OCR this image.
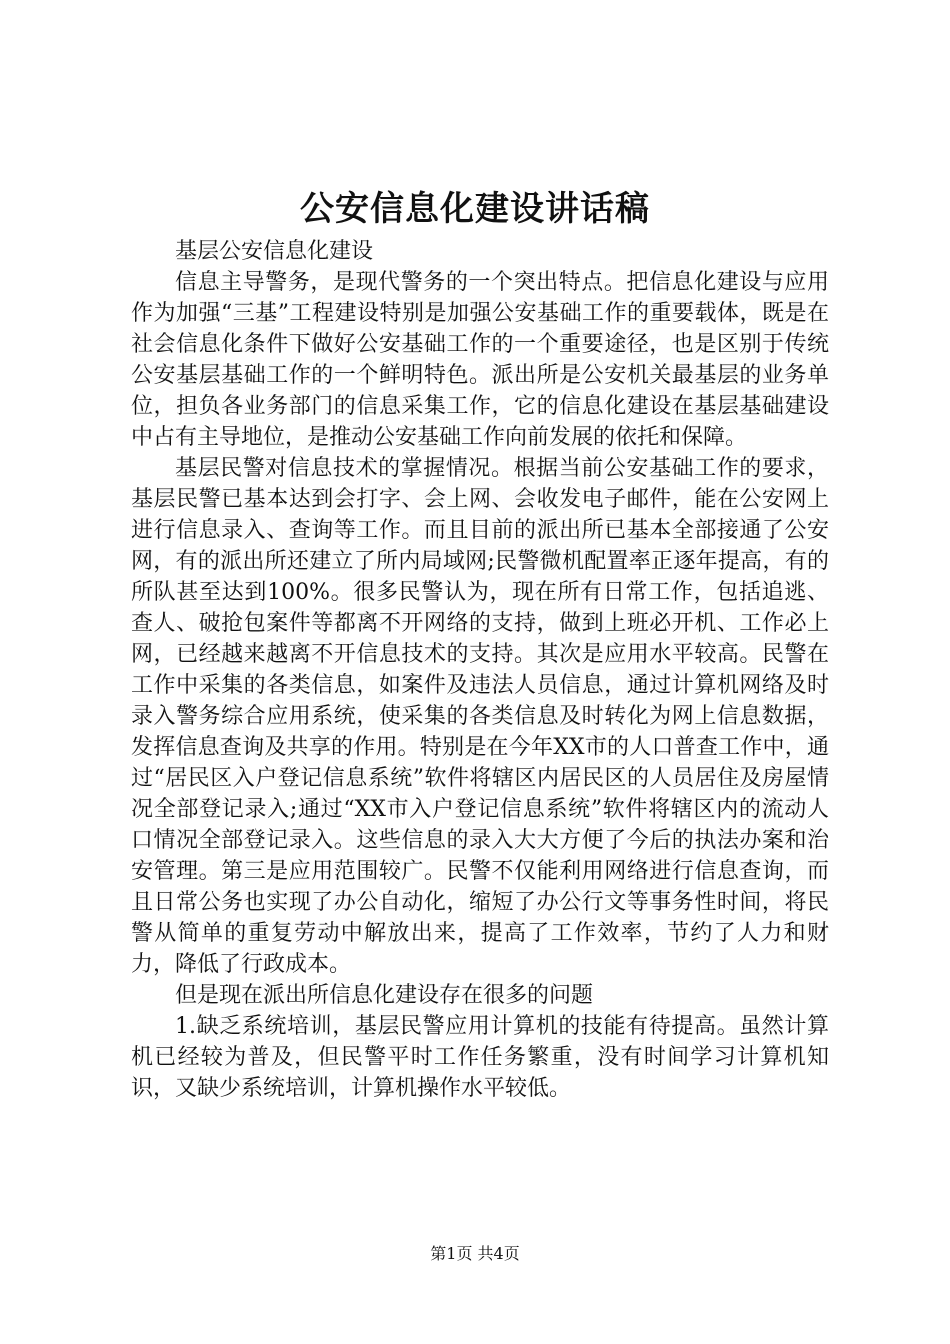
公安信息化建设讲话稿

基层公安信息化建设

信息主导警务，是现代警务的一个突出特点。把信息化建设与应用作为加强“三基”工程建设特别是加强公安基础工作的重要载体，既是在社会信息化条件下做好公安基础工作的一个重要途径，也是区别于传统公安基层基础工作的一个鲜明特色。派出所是公安机关最基层的业务单位，担负各业务部门的信息采集工作，它的信息化建设在基层基础建设中占有主导地位，是推动公安基础工作向前发展的依托和保障。

基层民警对信息技术的掌握情况。根据当前公安基础工作的要求，基层民警已基本达到会打字、会上网、会收发电子邮件，能在公安网上进行信息录入、查询等工作。而且目前的派出所已基本全部接通了公安网，有的派出所还建立了所内局域网;民警微机配置率正逐年提高，有的所队甚至达到100%。很多民警认为，现在所有日常工作，包括追逃、查人、破抢包案件等都离不开网络的支持，做到上班必开机、工作必上网，已经越来越离不开信息技术的支持。其次是应用水平较高。民警在工作中采集的各类信息，如案件及违法人员信息，通过计算机网络及时录入警务综合应用系统，使采集的各类信息及时转化为网上信息数据，发挥信息查询及共享的作用。特别是在今年XX市的人口普查工作中，通过“居民区入户登记信息系统”软件将辖区内居民区的人员居住及房屋情况全部登记录入;通过“XX市入户登记信息系统”软件将辖区内的流动人口情况全部登记录入。这些信息的录入大大方便了今后的执法办案和治安管理。第三是应用范围较广。民警不仅能利用网络进行信息查询，而且日常公务也实现了办公自动化，缩短了办公行文等事务性时间，将民警从简单的重复劳动中解放出来，提高了工作效率，节约了人力和财力，降低了行政成本。

但是现在派出所信息化建设存在很多的问题

1.缺乏系统培训，基层民警应用计算机的技能有待提高。虽然计算机已经较为普及，但民警平时工作任务繁重，没有时间学习计算机知识，又缺少系统培训，计算机操作水平较低。

第1页 共4页
